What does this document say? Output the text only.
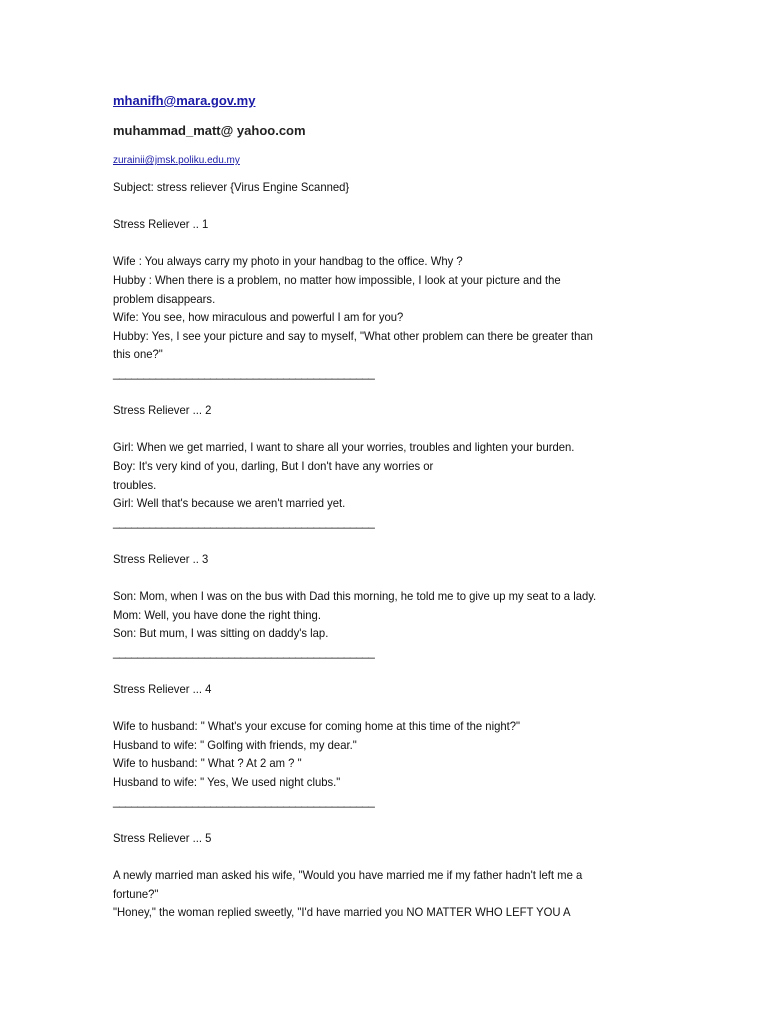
mhanifh@mara.gov.my
muhammad_matt@ yahoo.com
zurainii@jmsk.poliku.edu.my

Subject: stress reliever {Virus Engine Scanned}

Stress Reliever .. 1

Wife : You always carry my photo in your handbag to the office. Why ?

Hubby : When there is a problem, no matter how impossible, I look at your picture and the

problem disappears.

Wife: You see, how miraculous and powerful I am for you?

Hubby: Yes, I see your picture and say to myself, "What other problem can there be greater than

this one?"

___________________________________________

Stress Reliever ... 2

Girl: When we get married, I want to share all your worries, troubles and lighten your burden.

Boy: It's very kind of you, darling, But I don't have any worries or

troubles.

Girl: Well that's because we aren't married yet.

___________________________________________

Stress Reliever .. 3

Son: Mom, when I was on the bus with Dad this morning, he told me to give up my seat to a lady.

Mom: Well, you have done the right thing.

Son: But mum, I was sitting on daddy's lap.

___________________________________________

Stress Reliever ... 4

Wife to husband: " What's your excuse for coming home at this time of the night?"

Husband to wife: " Golfing with friends, my dear."

Wife to husband: " What ? At 2 am ? "

Husband to wife: " Yes, We used night clubs."

___________________________________________

Stress Reliever ... 5

A newly married man asked his wife, "Would you have married me if my father hadn't left me a

fortune?"

"Honey," the woman replied sweetly, "I'd have married you NO MATTER WHO LEFT YOU A
